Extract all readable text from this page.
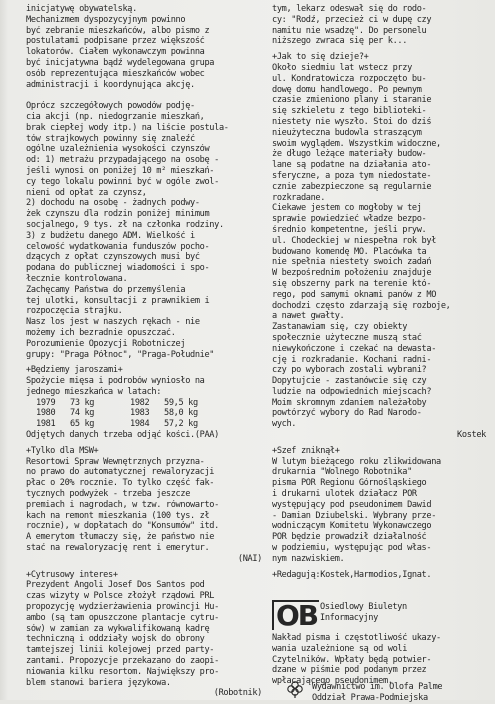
inicjatywę obywatelską.
Mechanizmem dyspozycyjnym powinno
być zebranie mieszkańców, albo pismo z
postulatami podpisane przez większość
lokatorów. Ciałem wykonawczym powinna
być inicjatywna bądź wydelegowana grupa
osób reprezentująca mieszkańców wobec
administracji i koordynująca akcję.
Oprócz szczegółowych powodów podję-
cia akcji (np. niedogrzanie mieszkań,
brak ciepłej wody itp.) na liście postula-
tów strajkowych powinny się znaleźć
ogólne uzależnienia wysokości czynszów
od: 1) metrażu przypadającego na osobę -
jeśli wynosi on poniżej 10 m² mieszkań-
cy tego lokalu powinni być w ogóle zwol-
nieni od opłat za czynsz,
2) dochodu na osobę - żadnych podwy-
żek czynszu dla rodzin poniżej minimum
socjalnego, 9 tys. zł na członka rodziny.
3) z budżetu danego ADM. Wielkość i
celowość wydatkowania funduszów pocho-
dzących z opłat czynszowych musi być
podana do publicznej wiadomości i spo-
łecznie kontrolowana.
Zachęcamy Państwa do przemyślenia
tej ulotki, konsultacji z prawnikiem i
rozpoczęcia strajku.
Nasz los jest w naszych rękach - nie
możemy ich bezradnie opuszczać.
Porozumienie Opozycji Robotniczej
grupy: "Praga Północ", "Praga-Południe"
+Będziemy jaroszami+
Spożycie mięsa i podrobów wyniosło na
jednego mieszkańca w latach:
1979 73 kg	1982 59,5 kg
1980 74 kg	1983 58,0 kg
1981 65 kg	1984 57,2 kg
Odjętych danych trzeba odjąć kości.(PAA)
+Tylko dla MSW+
Resortowi Spraw Wewnętrznych przyzna-
no prawo do automatycznej rewaloryzacji
płac o 20% rocznie. To tylko część fak-
tycznych podwyżek - trzeba jeszcze
premiach i nagrodach, w tzw. równowarto-
kach na remont mieszkania (100 tys. zł
rocznie), w dopłatach do "Konsumów" itd.
A emerytom tłumaczy się, że państwo nie
stać na rewaloryzację rent i emerytur.
(NAI)
+Cytrusowy interes+
Prezydent Angoli Josef Dos Santos pod
czas wizyty w Polsce złożył rządowi PRL
propozycję wydzierżawienia prowincji Hu-
ambo (są tam opuszczone plantacje cytru-
sów) w zamian za wykwalifikowaną kadrę
techniczną i oddziały wojsk do obrony
tamtejszej linii kolejowej przed party-
zantami. Propozycje przekazano do zaopi-
niowania kilku resortom. Największy pro-
blem stanowi bariera językowa.
(Robotnik)
tym, lekarz odeswał się do rodo-
cy: "Rodź, przecież ci w dupę czy
namitu nie wsadzę". Do personelu
niższego zwraca się per k...
+Jak to się dzieje?+
Około siedmiu lat wstecz przy
ul. Kondratowicza rozpoczęto bu-
dowę domu handlowego. Po pewnym
czasie zmieniono plany i staranie
się szkieletu z tego biblioteki-
niestety nie wyszło. Stoi do dziś
nieużyteczna budowla straszącym
swoim wyglądem. Wszystkim widoczne,
że długo leżące materiały budow-
lane są podatne na działania ato-
sferyczne, a poza tym niedostate-
cznie zabezpieczone są regularnie
rozkradane.
Ciekawe jestem co mogłoby w tej
sprawie powiedzieć władze bezpo-
średnio kompetentne, jeśli pryw.
ul. Chodeckiej w niespełna rok był
budowano komendę MO. Placówka ta
nie spełnia niestety swoich zadań
W bezpośrednim położeniu znajduje
się obszerny park na terenie któ-
rego, pod samymi oknami panów z MO
dochodzi często zdarzają się rozboje,
a nawet gwałty.
Zastanawiam się, czy obiekty
społecznie użyteczne muszą stać
niewykończone i czekać na dewasta-
cję i rozkradanie. Kochani radni-
czy po wyborach zostali wybrani?
Dopytujcie - zastanówcie się czy
ludzie na odpowiednich miejscach?
Moim skromnym zdaniem należałoby
powtórzyć wybory do Rad Narodo-
wych.
Kostek
+Szef zniknął+
W lutym bieżącego roku zlikwidowana
drukarnia "Wolnego Robotnika"
pisma POR Regionu Górnośląskiego
i drukarni ulotek działacz POR
występujący pod pseudonimem Dawid
- Damian Dziubelski. Wybrany prze-
wodniczącym Komitetu Wykonawczego
POR będzie prowadził działalność
w podziemiu, występując pod włas-
nym nazwiskiem.
+Redagują:Kostek,Harmodios,Ignat.
OB Osiedlowy Biuletyn
Informacyjny
Nakład pisma i częstotliwość ukazy-
wania uzależnione są od woli
Czytelników. Wpłaty będą potwier-
dzane w piśmie pod podanym przez
wpłacającego pseudonimem.
Wydawnictwo im. Olofa Palme
Oddział Prawa-Podmiejska
